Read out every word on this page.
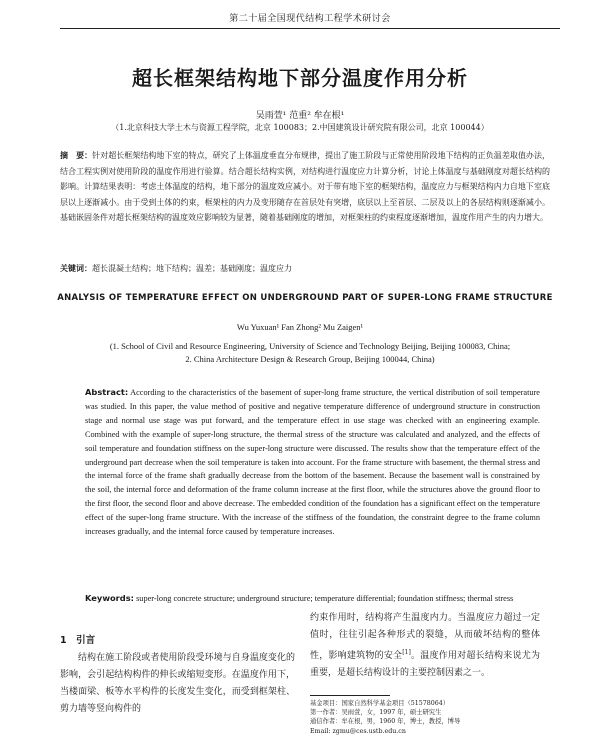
第二十届全国现代结构工程学术研讨会
超长框架结构地下部分温度作用分析
吴雨萱¹ 范重² 牟在根¹
（1.北京科技大学土木与资源工程学院，北京 100083；2.中国建筑设计研究院有限公司，北京 100044）
摘　要：针对超长框架结构地下室的特点，研究了上体温度垂直分布规律，提出了施工阶段与正常使用阶段地下结构的正负温差取值办法，结合工程实例对使用阶段的温度作用进行验算。结合超长结构实例，对结构进行温度应力计算分析，讨论上体温度与基础刚度对超长结构的影响。计算结果表明：考虑土体温度的结构，地下部分的温度效应减小。对于带有地下室的框架结构，温度应力与框架结构内力自地下室底层以上逐渐减小。由于受到土体的约束，框架柱的内力及变形随存在首层处有突增，底层以上至首层、二层及以上的各层结构则逐渐减小。基础嵌固条件对超长框架结构的温度效应影响较为显著，随着基础刚度的增加，对框架柱的约束程度逐渐增加，温度作用产生的内力增大。
关键词：超长混凝土结构；地下结构；温差；基础刚度；温度应力
ANALYSIS OF TEMPERATURE EFFECT ON UNDERGROUND PART OF SUPER-LONG FRAME STRUCTURE
Wu Yuxuan¹ Fan Zhong² Mu Zaigen¹
(1. School of Civil and Resource Engineering, University of Science and Technology Beijing, Beijing 100083, China;
2. China Architecture Design & Research Group, Beijing 100044, China)
Abstract: According to the characteristics of the basement of super-long frame structure, the vertical distribution of soil temperature was studied. In this paper, the value method of positive and negative temperature difference of underground structure in construction stage and normal use stage was put forward, and the temperature effect in use stage was checked with an engineering example. Combined with the example of super-long structure, the thermal stress of the structure was calculated and analyzed, and the effects of soil temperature and foundation stiffness on the super-long structure were discussed. The results show that the temperature effect of the underground part decrease when the soil temperature is taken into account. For the frame structure with basement, the thermal stress and the internal force of the frame shaft gradually decrease from the bottom of the basement. Because the basement wall is constrained by the soil, the internal force and deformation of the frame column increase at the first floor, while the structures above the ground floor to the first floor, the second floor and above decrease. The embedded condition of the foundation has a significant effect on the temperature effect of the super-long frame structure. With the increase of the stiffness of the foundation, the constraint degree to the frame column increases gradually, and the internal force caused by temperature increases.
Keywords: super-long concrete structure; underground structure; temperature differential; foundation stiffness; thermal stress
1　引言

结构在施工阶段或者使用阶段受环境与自身温度变化的影响，会引起结构构件的伸长或缩短变形。在温度作用下，当楼面梁、板等水平构件的长度发生变化，而受到框架柱、剪力墙等竖向构件的

约束作用时，结构将产生温度内力。当温度应力超过一定值时，往往引起各种形式的裂缝，从而破坏结构的整体性，影响建筑物的安全[1]。温度作用对超长结构来说尤为重要，是超长结构设计的主要控制因素之一。
基金项目：国家自然科学基金项目（51578064）
第一作者：吴雨萱，女，1997 年，硕士研究生
通信作者：牟在根，男，1960 年，博士，教授，博导
Email: zgmu@ces.ustb.edu.cn
